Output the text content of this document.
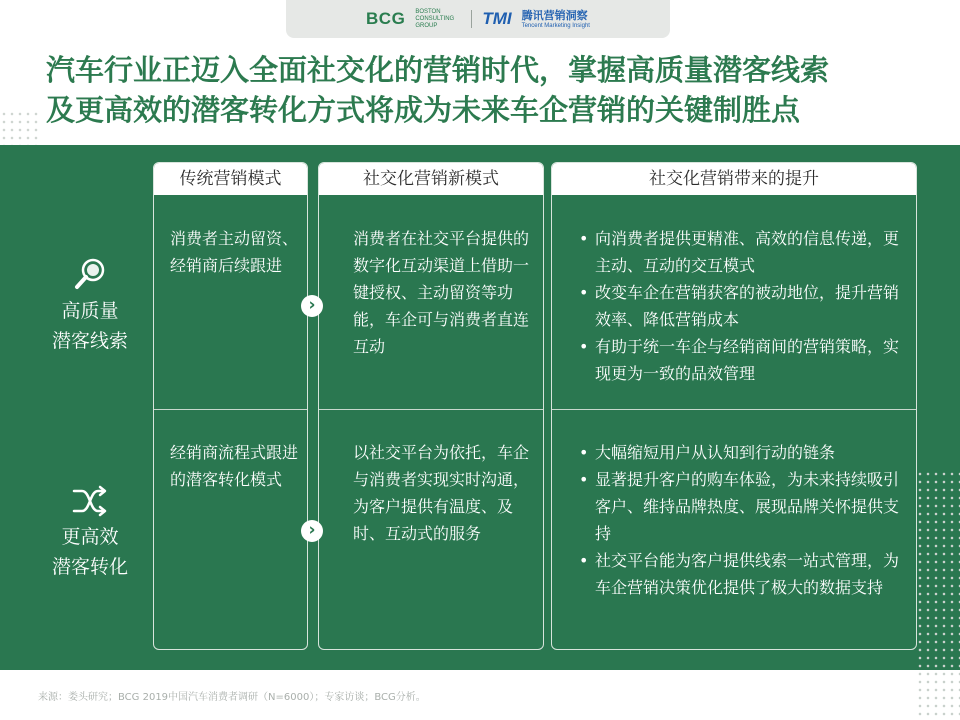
BCG BOSTON CONSULTING GROUP	TMI 腾讯营销洞察
Tencent Marketing Insight
汽车行业正迈入全面社交化的营销时代，掌握高质量潜客线索
及更高效的潜客转化方式将成为未来车企营销的关键制胜点
高质量
潜客线索
更高效
潜客转化
传统营销模式

消费者主动留资、经销商后续跟进

经销商流程式跟进的潜客转化模式

社交化营销新模式

消费者在社交平台提供的数字化互动渠道上借助一键授权、主动留资等功能，车企可与消费者直连互动

以社交平台为依托，车企与消费者实现实时沟通，为客户提供有温度、及时、互动式的服务

社交化营销带来的提升
• 向消费者提供更精准、高效的信息传递，更主动、互动的交互模式
• 改变车企在营销获客的被动地位，提升营销效率、降低营销成本
• 有助于统一车企与经销商间的营销策略，实现更为一致的品效管理
• 大幅缩短用户从认知到行动的链条
• 显著提升客户的购车体验，为未来持续吸引客户、维持品牌热度、展现品牌关怀提供支持
• 社交平台能为客户提供线索一站式管理，为车企营销决策优化提供了极大的数据支持
›
›
来源：娄头研究；BCG 2019中国汽车消费者调研（N=6000）；专家访谈；BCG分析。
